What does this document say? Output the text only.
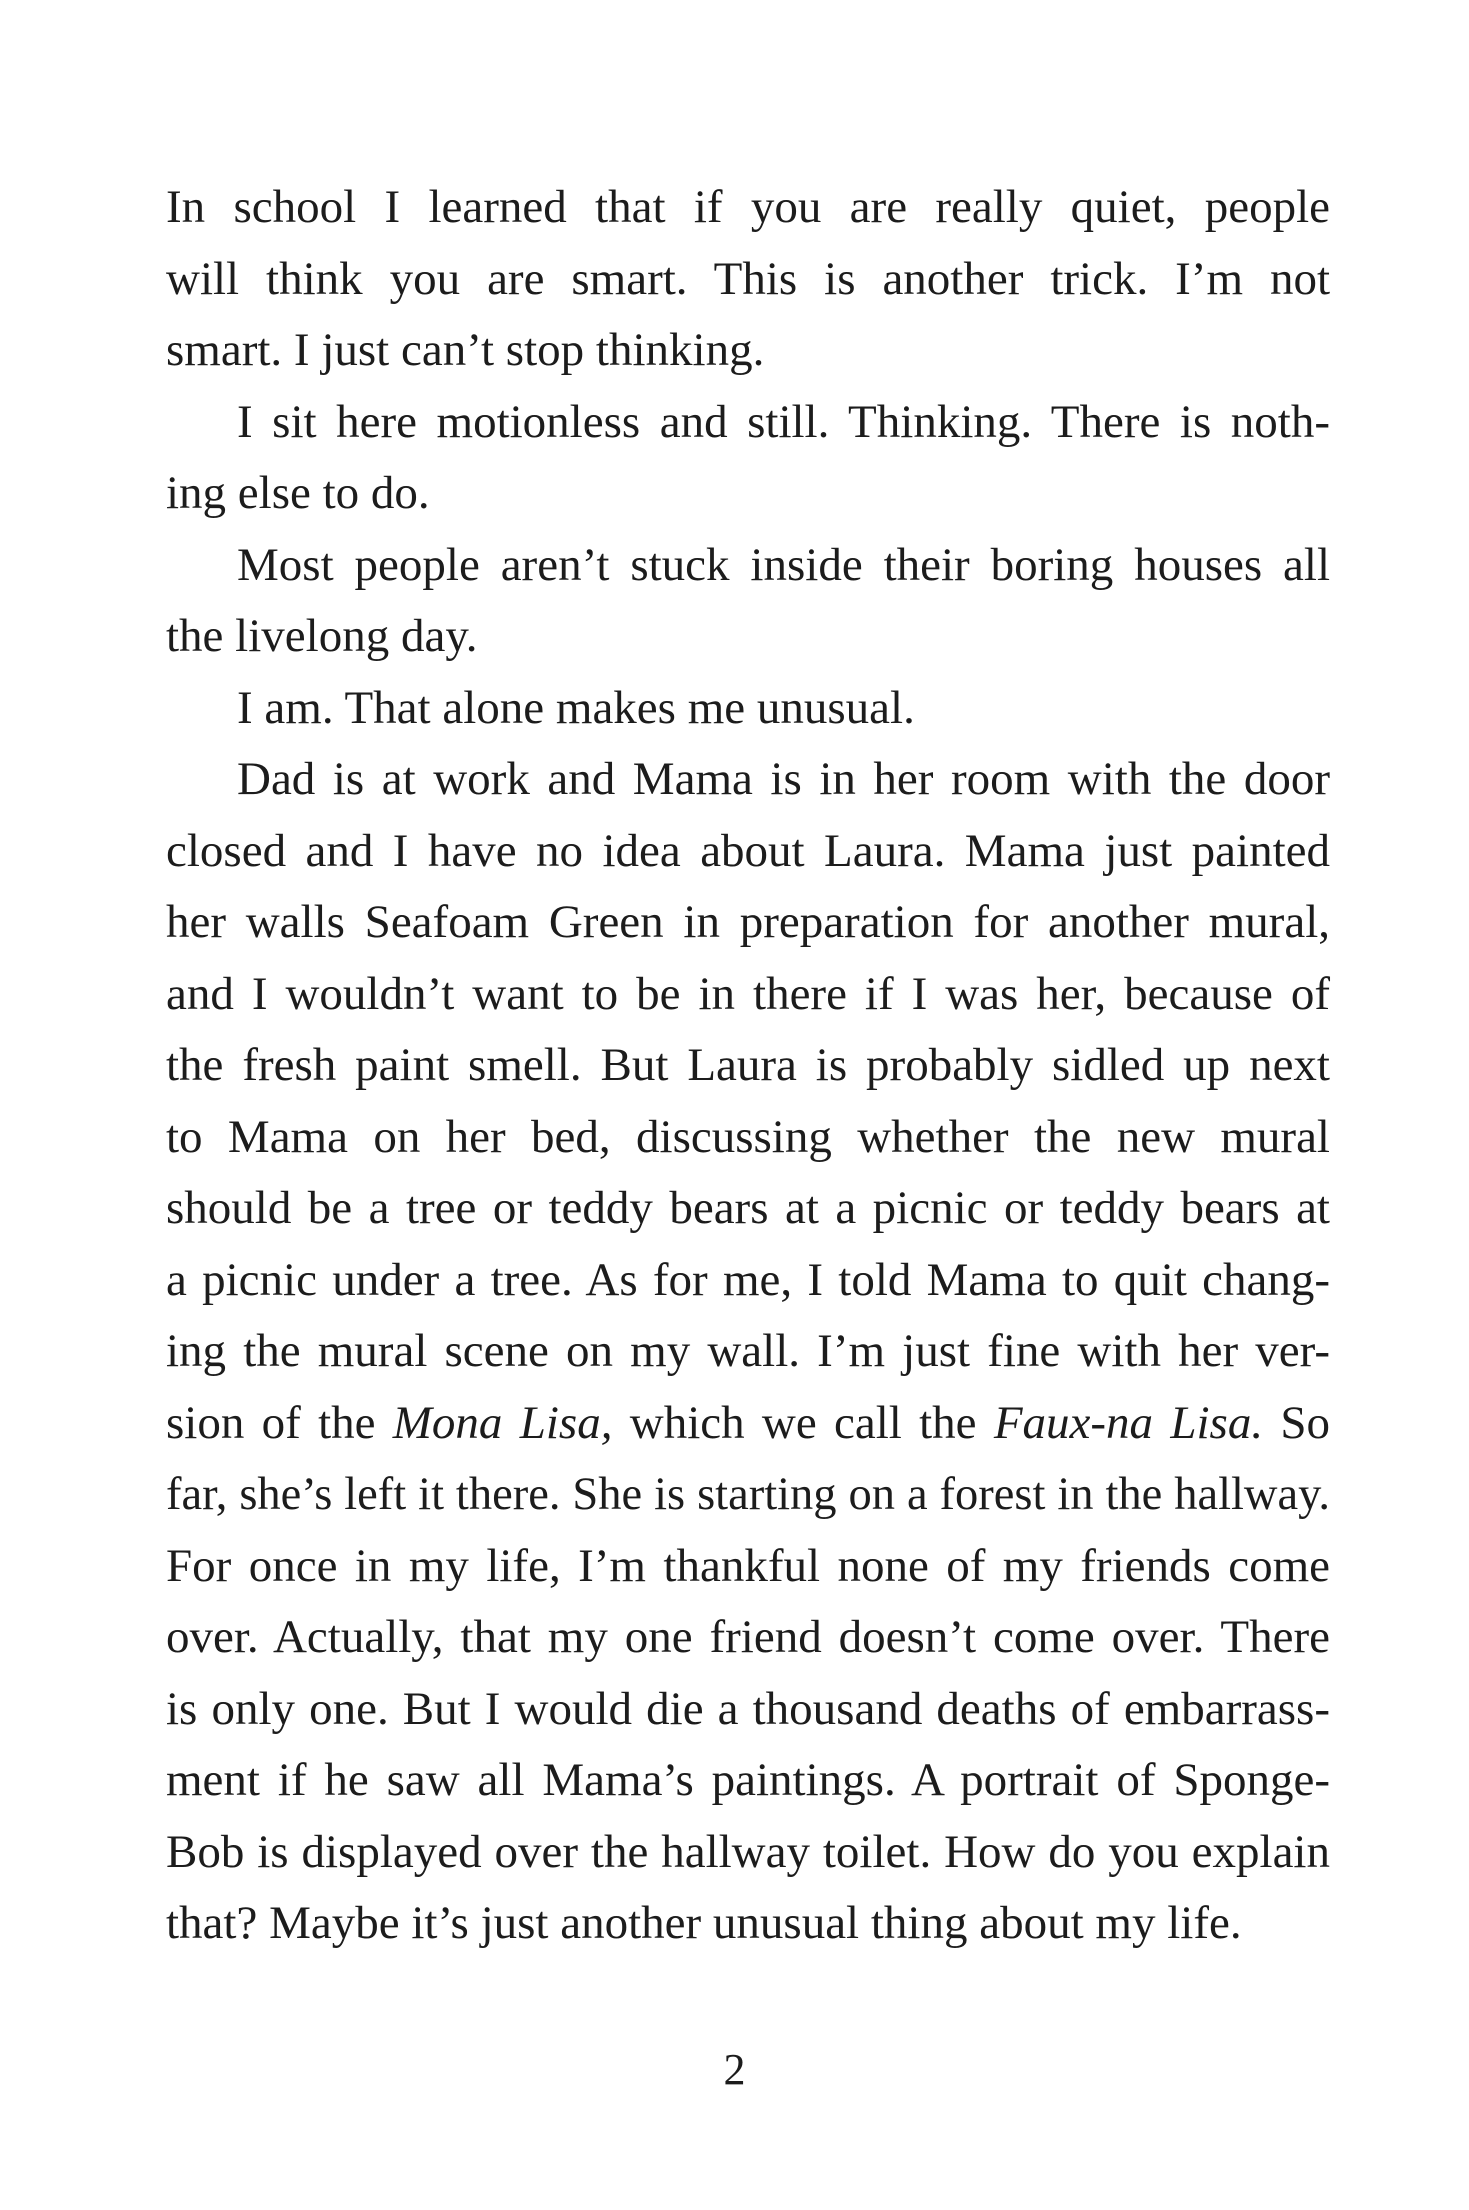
In school I learned that if you are really quiet, people
will think you are smart. This is another trick. I’m not
smart. I just can’t stop thinking.
I sit here motionless and still. Thinking. There is noth-
ing else to do.
Most people aren’t stuck inside their boring houses all
the livelong day.
I am. That alone makes me unusual.
Dad is at work and Mama is in her room with the door
closed and I have no idea about Laura. Mama just painted
her walls Seafoam Green in preparation for another mural,
and I wouldn’t want to be in there if I was her, because of
the fresh paint smell. But Laura is probably sidled up next
to Mama on her bed, discussing whether the new mural
should be a tree or teddy bears at a picnic or teddy bears at
a picnic under a tree. As for me, I told Mama to quit chang-
ing the mural scene on my wall. I’m just fine with her ver-
sion of the Mona Lisa, which we call the Faux-na Lisa. So
far, she’s left it there. She is starting on a forest in the hallway.
For once in my life, I’m thankful none of my friends come
over. Actually, that my one friend doesn’t come over. There
is only one. But I would die a thousand deaths of embarrass-
ment if he saw all Mama’s paintings. A portrait of Sponge-
Bob is displayed over the hallway toilet. How do you explain
that? Maybe it’s just another unusual thing about my life.
2
